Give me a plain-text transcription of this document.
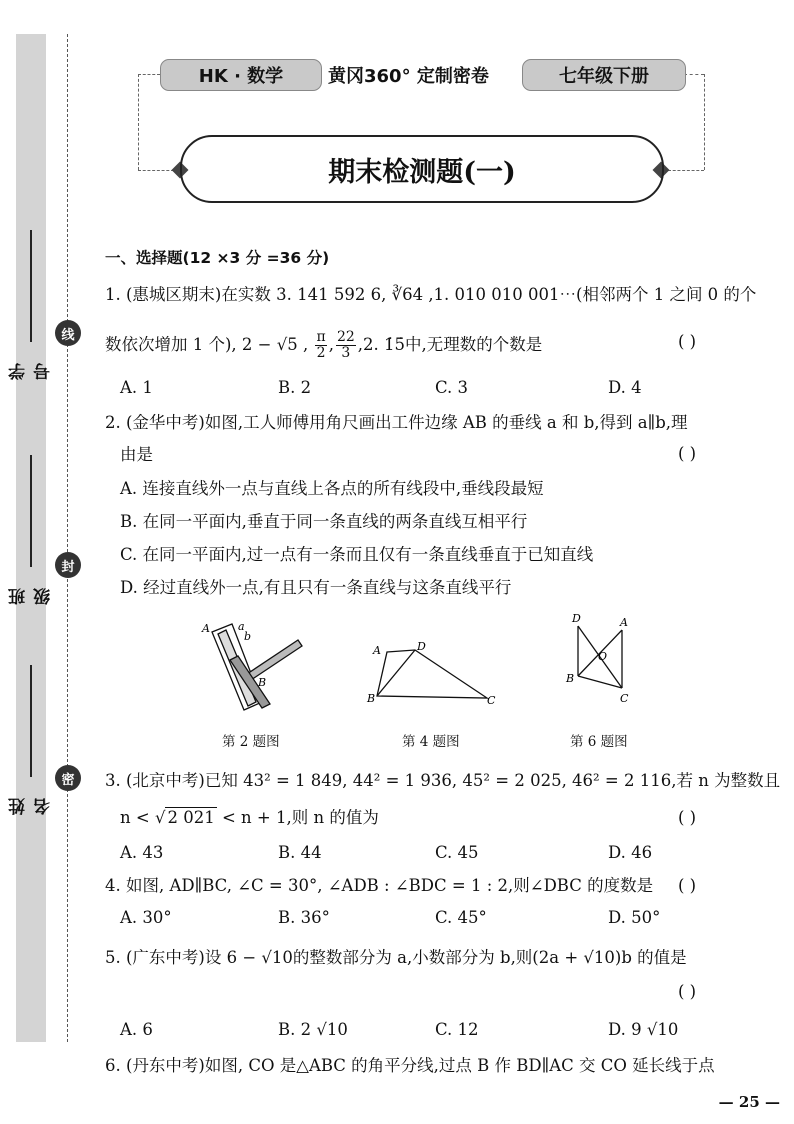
学号
班级
姓名
线
封
密
HK · 数学	黄冈360° 定制密卷	七年级下册
期末检测题(一)
一、选择题(12 ×3 分 =36 分)
1. (惠城区期末)在实数 3. 141 592 6, ∛64 ,1. 010 010 001⋯(相邻两个 1 之间 0 的个
数依次增加 1 个), 2 − √5 , $\frac{\pi}{2}$ , $\frac{22}{3} ,2$. 1̇5̇中,无理数的个数是	( )
A. 1	B. 2	C. 3	D. 4
2. (金华中考)如图,工人师傅用角尺画出工件边缘 AB 的垂线 a 和 b,得到 a∥b,理
由是	( )
A. 连接直线外一点与直线上各点的所有线段中,垂线段最短
B. 在同一平面内,垂直于同一条直线的两条直线互相平行
C. 在同一平面内,过一点有一条而且仅有一条直线垂直于已知直线
D. 经过直线外一点,有且只有一条直线与这条直线平行
A	a
b
B
第 2 题图
A	D
B	C
第 4 题图
D	A
O
B
C
第 6 题图
3. (北京中考)已知 43² = 1 849, 44² = 1 936, 45² = 2 025, 46² = 2 116,若 n 为整数且
n < √ 2 021 < n + 1,则 n 的值为	( )
A. 43	B. 44	C. 45	D. 46
4. 如图, AD∥BC, ∠C = 30°, ∠ADB : ∠BDC = 1 : 2,则∠DBC 的度数是 ( )
A. 30°	B. 36°	C. 45°	D. 50°
5. (广东中考)设 6 − √10的整数部分为 a,小数部分为 b,则(2a + √10)b 的值是
( )
A. 6	B. 2 √10	C. 12	D. 9 √10
6. (丹东中考)如图, CO 是△ABC 的角平分线,过点 B 作 BD∥AC 交 CO 延长线于点
— 25 —
